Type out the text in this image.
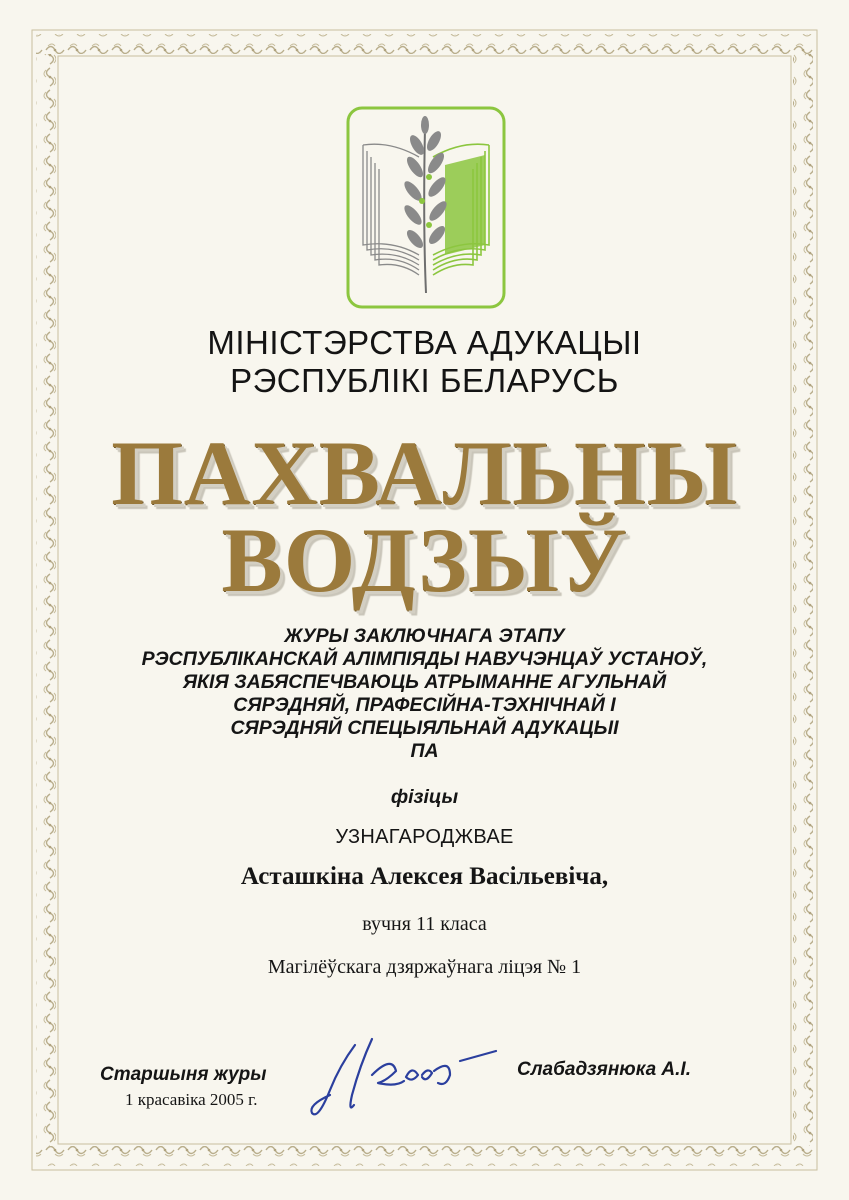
МІНІСТЭРСТВА АДУКАЦЫІ
РЭСПУБЛІКІ БЕЛАРУСЬ
ПАХВАЛЬНЫ
ВОДЗЫЎ
ЖУРЫ ЗАКЛЮЧНАГА ЭТАПУ
РЭСПУБЛІКАНСКАЙ АЛІМПІЯДЫ НАВУЧЭНЦАЎ УСТАНОЎ,
ЯКІЯ ЗАБЯСПЕЧВАЮЦЬ АТРЫМАННЕ АГУЛЬНАЙ
СЯРЭДНЯЙ, ПРАФЕСІЙНА-ТЭХНІЧНАЙ І
СЯРЭДНЯЙ СПЕЦЫЯЛЬНАЙ АДУКАЦЫІ
ПА
фізіцы
УЗНАГАРОДЖВАЕ
Асташкіна Алексея Васільевіча,
вучня 11 класа
Магілёўскага дзяржаўнага ліцэя № 1
Старшыня журы
1 красавіка 2005 г.
Слабадзянюка А.І.
